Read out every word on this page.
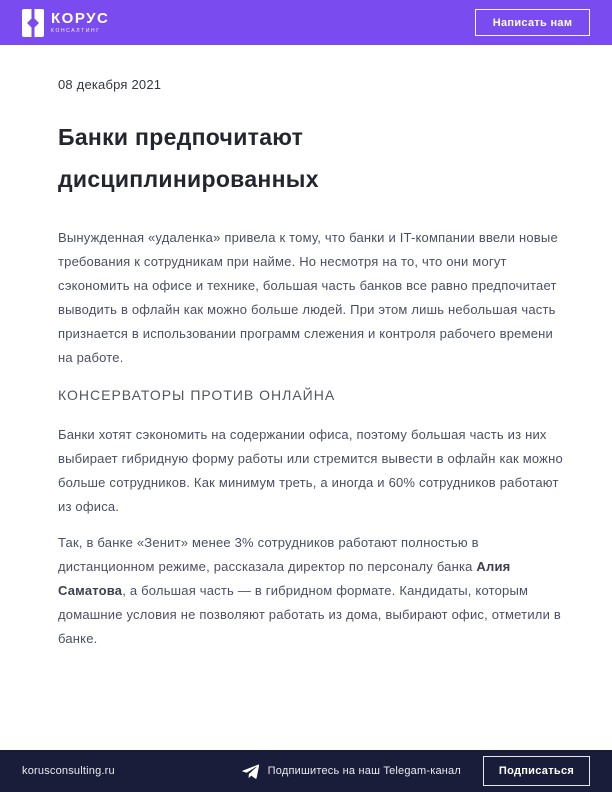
КОРУС
КОНСАЛТИНГ
Написать нам
08 декабря 2021
Банки предпочитают дисциплинированных

Вынужденная «удаленка» привела к тому, что банки и IT-компании ввели новые требования к сотрудникам при найме. Но несмотря на то, что они могут сэкономить на офисе и технике, большая часть банков все равно предпочитает выводить в офлайн как можно больше людей. При этом лишь небольшая часть признается в использовании программ слежения и контроля рабочего времени на работе.

КОНСЕРВАТОРЫ ПРОТИВ ОНЛАЙНА

Банки хотят сэкономить на содержании офиса, поэтому большая часть из них выбирает гибридную форму работы или стремится вывести в офлайн как можно больше сотрудников. Как минимум треть, а иногда и 60% сотрудников работают из офиса.

Так, в банке «Зенит» менее 3% сотрудников работают полностью в дистанционном режиме, рассказала директор по персоналу банка Алия Саматова, а большая часть — в гибридном формате. Кандидаты, которым домашние условия не позволяют работать из дома, выбирают офис, отметили в банке.

korusconsulting.ru	Подпишитесь на наш Telegam-канал	Подписаться
